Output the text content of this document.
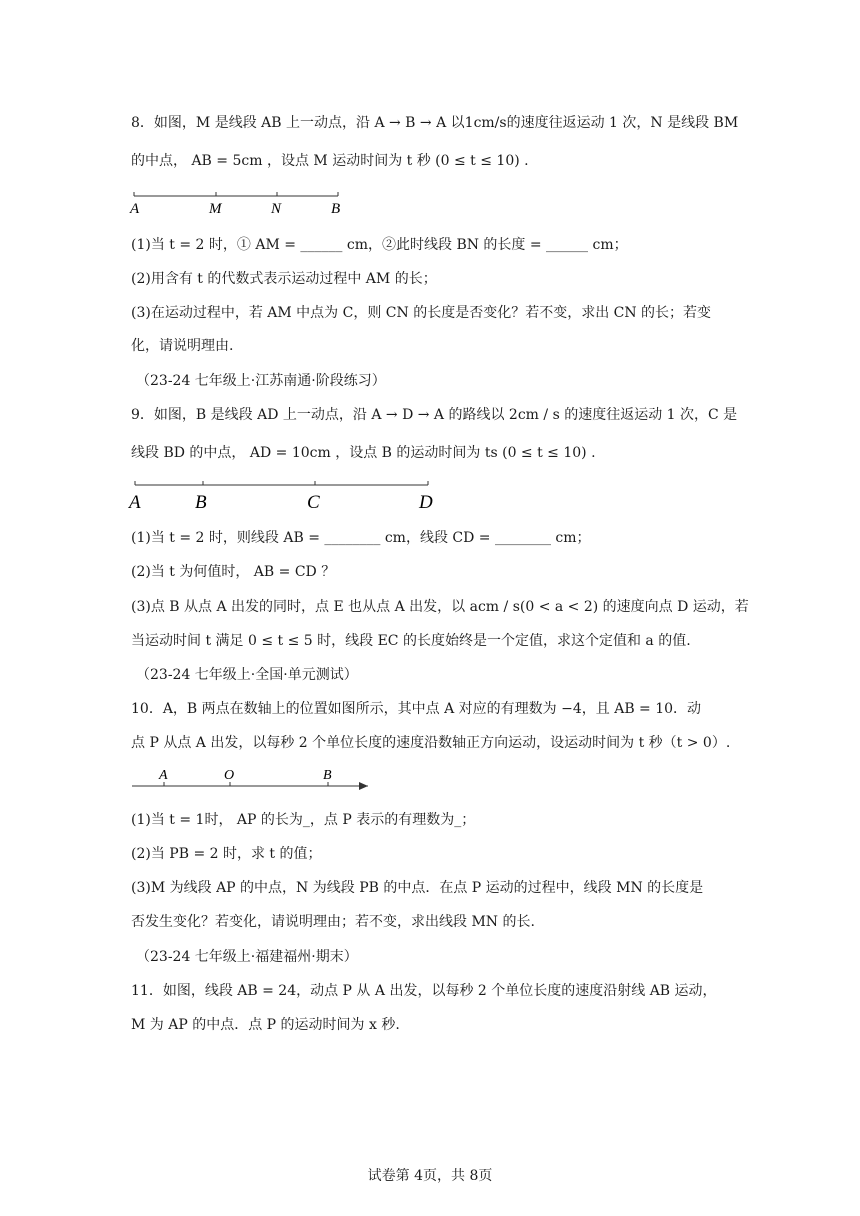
8．如图，M 是线段 AB 上一动点，沿 A → B → A 以1cm/s的速度往返运动 1 次，N 是线段 BM
的中点， AB = 5cm ，设点 M 运动时间为 t 秒 (0 ≤ t ≤ 10) .
A	M	N	B
(1)当 t = 2 时，① AM = ______ cm，②此时线段 BN 的长度 = ______ cm；
(2)用含有 t 的代数式表示运动过程中 AM 的长；
(3)在运动过程中，若 AM 中点为 C，则 CN 的长度是否变化？若不变，求出 CN 的长；若变
化，请说明理由.
（23-24 七年级上·江苏南通·阶段练习）
9．如图，B 是线段 AD 上一动点，沿 A → D → A 的路线以 2cm / s 的速度往返运动 1 次，C 是
线段 BD 的中点， AD = 10cm ，设点 B 的运动时间为 ts (0 ≤ t ≤ 10) .
A	B	C	D
(1)当 t = 2 时，则线段 AB = ________ cm，线段 CD = ________ cm；
(2)当 t 为何值时， AB = CD ？
(3)点 B 从点 A 出发的同时，点 E 也从点 A 出发，以 acm / s(0 < a < 2) 的速度向点 D 运动，若
当运动时间 t 满足 0 ≤ t ≤ 5 时，线段 EC 的长度始终是一个定值，求这个定值和 a 的值.
（23-24 七年级上·全国·单元测试）
10．A，B 两点在数轴上的位置如图所示，其中点 A 对应的有理数为 −4，且 AB = 10．动
点 P 从点 A 出发，以每秒 2 个单位长度的速度沿数轴正方向运动，设运动时间为 t 秒（t > 0）.
A	O	B
(1)当 t = 1时， AP 的长为_，点 P 表示的有理数为_；
(2)当 PB = 2 时，求 t 的值；
(3)M 为线段 AP 的中点，N 为线段 PB 的中点．在点 P 运动的过程中，线段 MN 的长度是
否发生变化？若变化，请说明理由；若不变，求出线段 MN 的长.
（23-24 七年级上·福建福州·期末）
11．如图，线段 AB = 24，动点 P 从 A 出发，以每秒 2 个单位长度的速度沿射线 AB 运动，
M 为 AP 的中点．点 P 的运动时间为 x 秒.
试卷第 4页，共 8页
